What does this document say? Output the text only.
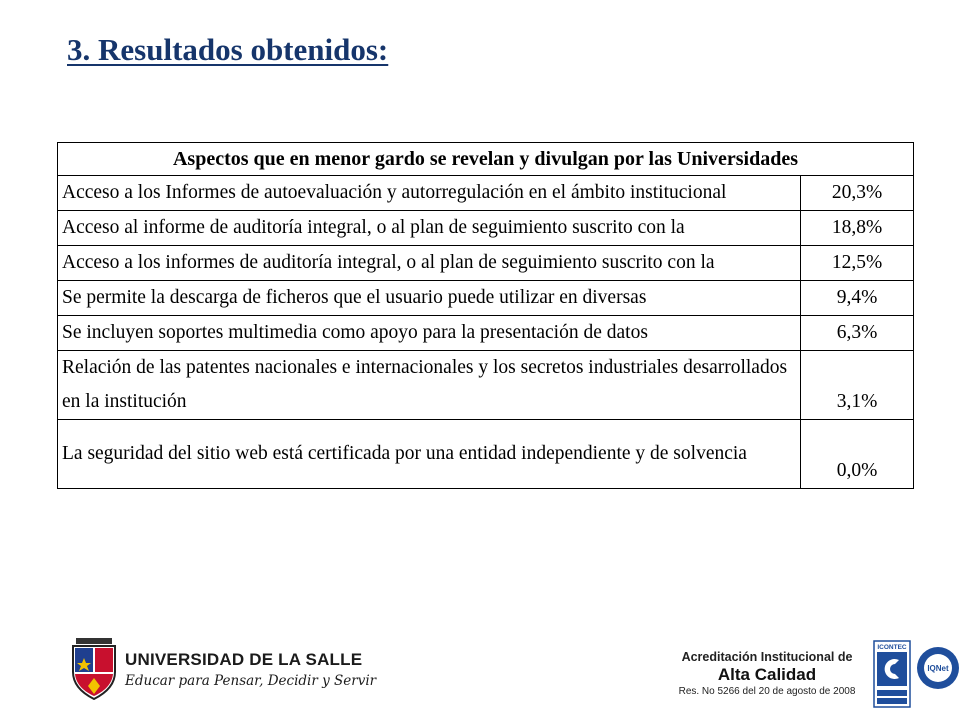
3. Resultados obtenidos:
Aspectos que en menor gardo se revelan y divulgan por las Universidades	
Acceso a los Informes de autoevaluación y autorregulación en el ámbito institucional	20,3%
Acceso al informe de auditoría integral, o al plan de seguimiento suscrito con la	18,8%
Acceso a los informes de auditoría integral, o al plan de seguimiento suscrito con la	12,5%
Se permite la descarga de ficheros que el usuario puede utilizar en diversas	9,4%
Se incluyen soportes multimedia como apoyo para la presentación de datos	6,3%
Relación de las patentes nacionales e internacionales y los secretos industriales desarrollados en la institución	3,1%
La seguridad del sitio web está certificada por una entidad independiente y de solvencia	0,0%
UNIVERSIDAD DE LA SALLE
Educar para Pensar, Decidir y Servir
Acreditación Institucional de
Alta Calidad
Res. No 5266 del 20 de agosto de 2008
ICONTEC
IQNet
